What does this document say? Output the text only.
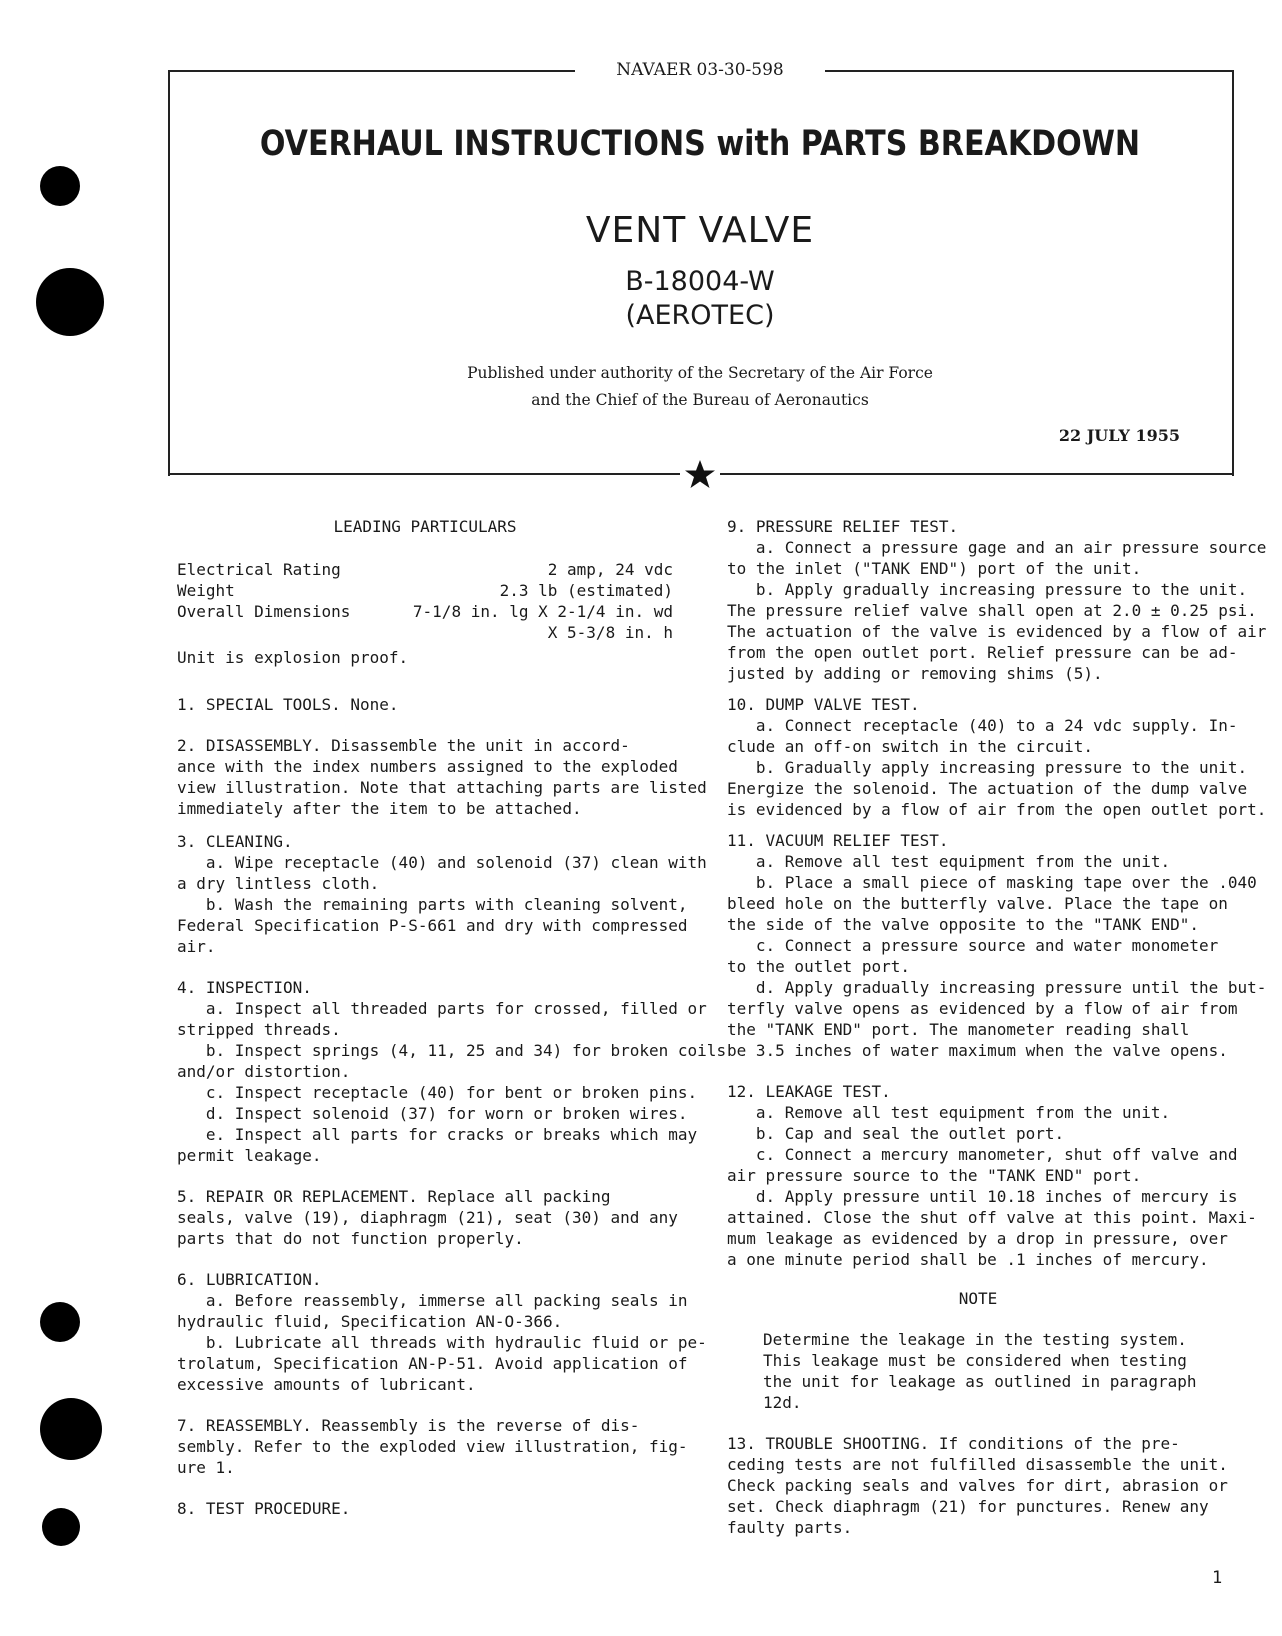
NAVAER 03-30-598
OVERHAUL INSTRUCTIONS with PARTS BREAKDOWN
VENT VALVE
B-18004-W
(AEROTEC)
Published under authority of the Secretary of the Air Force
and the Chief of the Bureau of Aeronautics
22 JULY 1955

LEADING PARTICULARS

Electrical Rating	2 amp, 24 vdc
Weight	2.3 lb (estimated)
Overall Dimensions	7-1/8 in. lg X 2-1/4 in. wd
X 5-3/8 in. h

Unit is explosion proof.

1. SPECIAL TOOLS. None.

2. DISASSEMBLY. Disassemble the unit in accord-

ance with the index numbers assigned to the exploded

view illustration. Note that attaching parts are listed

immediately after the item to be attached.

3. CLEANING.

a. Wipe receptacle (40) and solenoid (37) clean with

a dry lintless cloth.

b. Wash the remaining parts with cleaning solvent,

Federal Specification P-S-661 and dry with compressed

air.

4. INSPECTION.

a. Inspect all threaded parts for crossed, filled or

stripped threads.

b. Inspect springs (4, 11, 25 and 34) for broken coils

and/or distortion.

c. Inspect receptacle (40) for bent or broken pins.

d. Inspect solenoid (37) for worn or broken wires.

e. Inspect all parts for cracks or breaks which may

permit leakage.

5. REPAIR OR REPLACEMENT. Replace all packing

seals, valve (19), diaphragm (21), seat (30) and any

parts that do not function properly.

6. LUBRICATION.

a. Before reassembly, immerse all packing seals in

hydraulic fluid, Specification AN-O-366.

b. Lubricate all threads with hydraulic fluid or pe-

trolatum, Specification AN-P-51. Avoid application of

excessive amounts of lubricant.

7. REASSEMBLY. Reassembly is the reverse of dis-

sembly. Refer to the exploded view illustration, fig-

ure 1.

8. TEST PROCEDURE.

9. PRESSURE RELIEF TEST.

a. Connect a pressure gage and an air pressure source

to the inlet ("TANK END") port of the unit.

b. Apply gradually increasing pressure to the unit.

The pressure relief valve shall open at 2.0 ± 0.25 psi.

The actuation of the valve is evidenced by a flow of air

from the open outlet port. Relief pressure can be ad-

justed by adding or removing shims (5).

10. DUMP VALVE TEST.

a. Connect receptacle (40) to a 24 vdc supply. In-

clude an off-on switch in the circuit.

b. Gradually apply increasing pressure to the unit.

Energize the solenoid. The actuation of the dump valve

is evidenced by a flow of air from the open outlet port.

11. VACUUM RELIEF TEST.

a. Remove all test equipment from the unit.

b. Place a small piece of masking tape over the .040

bleed hole on the butterfly valve. Place the tape on

the side of the valve opposite to the "TANK END".

c. Connect a pressure source and water monometer

to the outlet port.

d. Apply gradually increasing pressure until the but-

terfly valve opens as evidenced by a flow of air from

the "TANK END" port. The manometer reading shall

be 3.5 inches of water maximum when the valve opens.

12. LEAKAGE TEST.

a. Remove all test equipment from the unit.

b. Cap and seal the outlet port.

c. Connect a mercury manometer, shut off valve and

air pressure source to the "TANK END" port.

d. Apply pressure until 10.18 inches of mercury is

attained. Close the shut off valve at this point. Maxi-

mum leakage as evidenced by a drop in pressure, over

a one minute period shall be .1 inches of mercury.

NOTE

Determine the leakage in the testing system.

This leakage must be considered when testing

the unit for leakage as outlined in paragraph

12d.

13. TROUBLE SHOOTING. If conditions of the pre-

ceding tests are not fulfilled disassemble the unit.

Check packing seals and valves for dirt, abrasion or

set. Check diaphragm (21) for punctures. Renew any

faulty parts.

1
